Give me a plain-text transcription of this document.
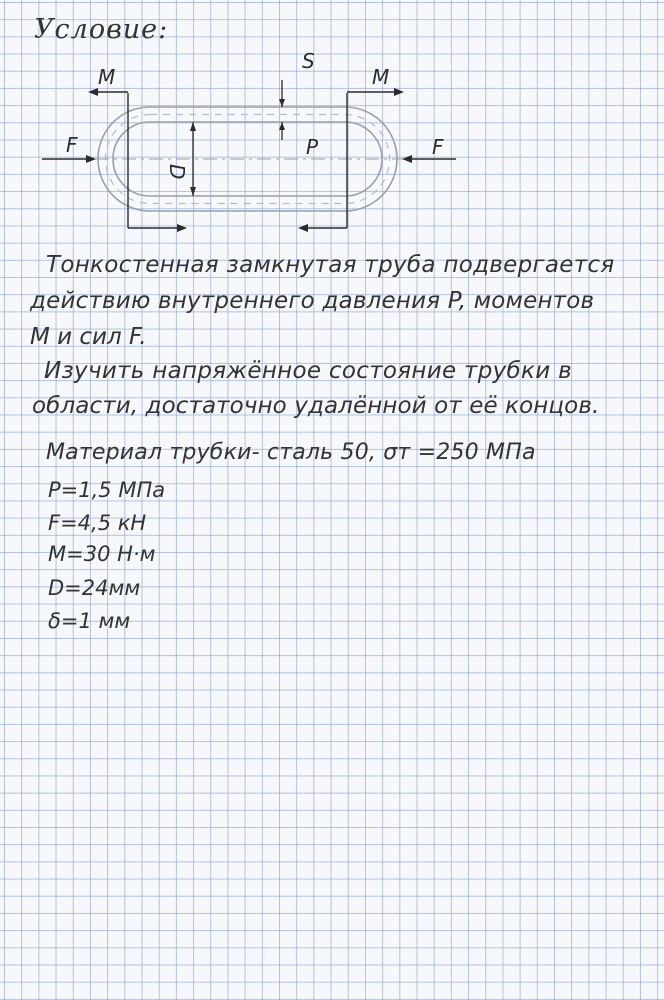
Условие:
M	M
F	F
S
P
D
Тонкостенная замкнутая труба подвергается
действию внутреннего давления P, моментов
M и сил F.
Изучить напряжённое состояние трубки в
области, достаточно удалённой от её концов.
Материал трубки- сталь 50, σт =250 МПа
P=1,5 МПа
F=4,5 кН
M=30 Н·м
D=24мм
δ=1 мм
